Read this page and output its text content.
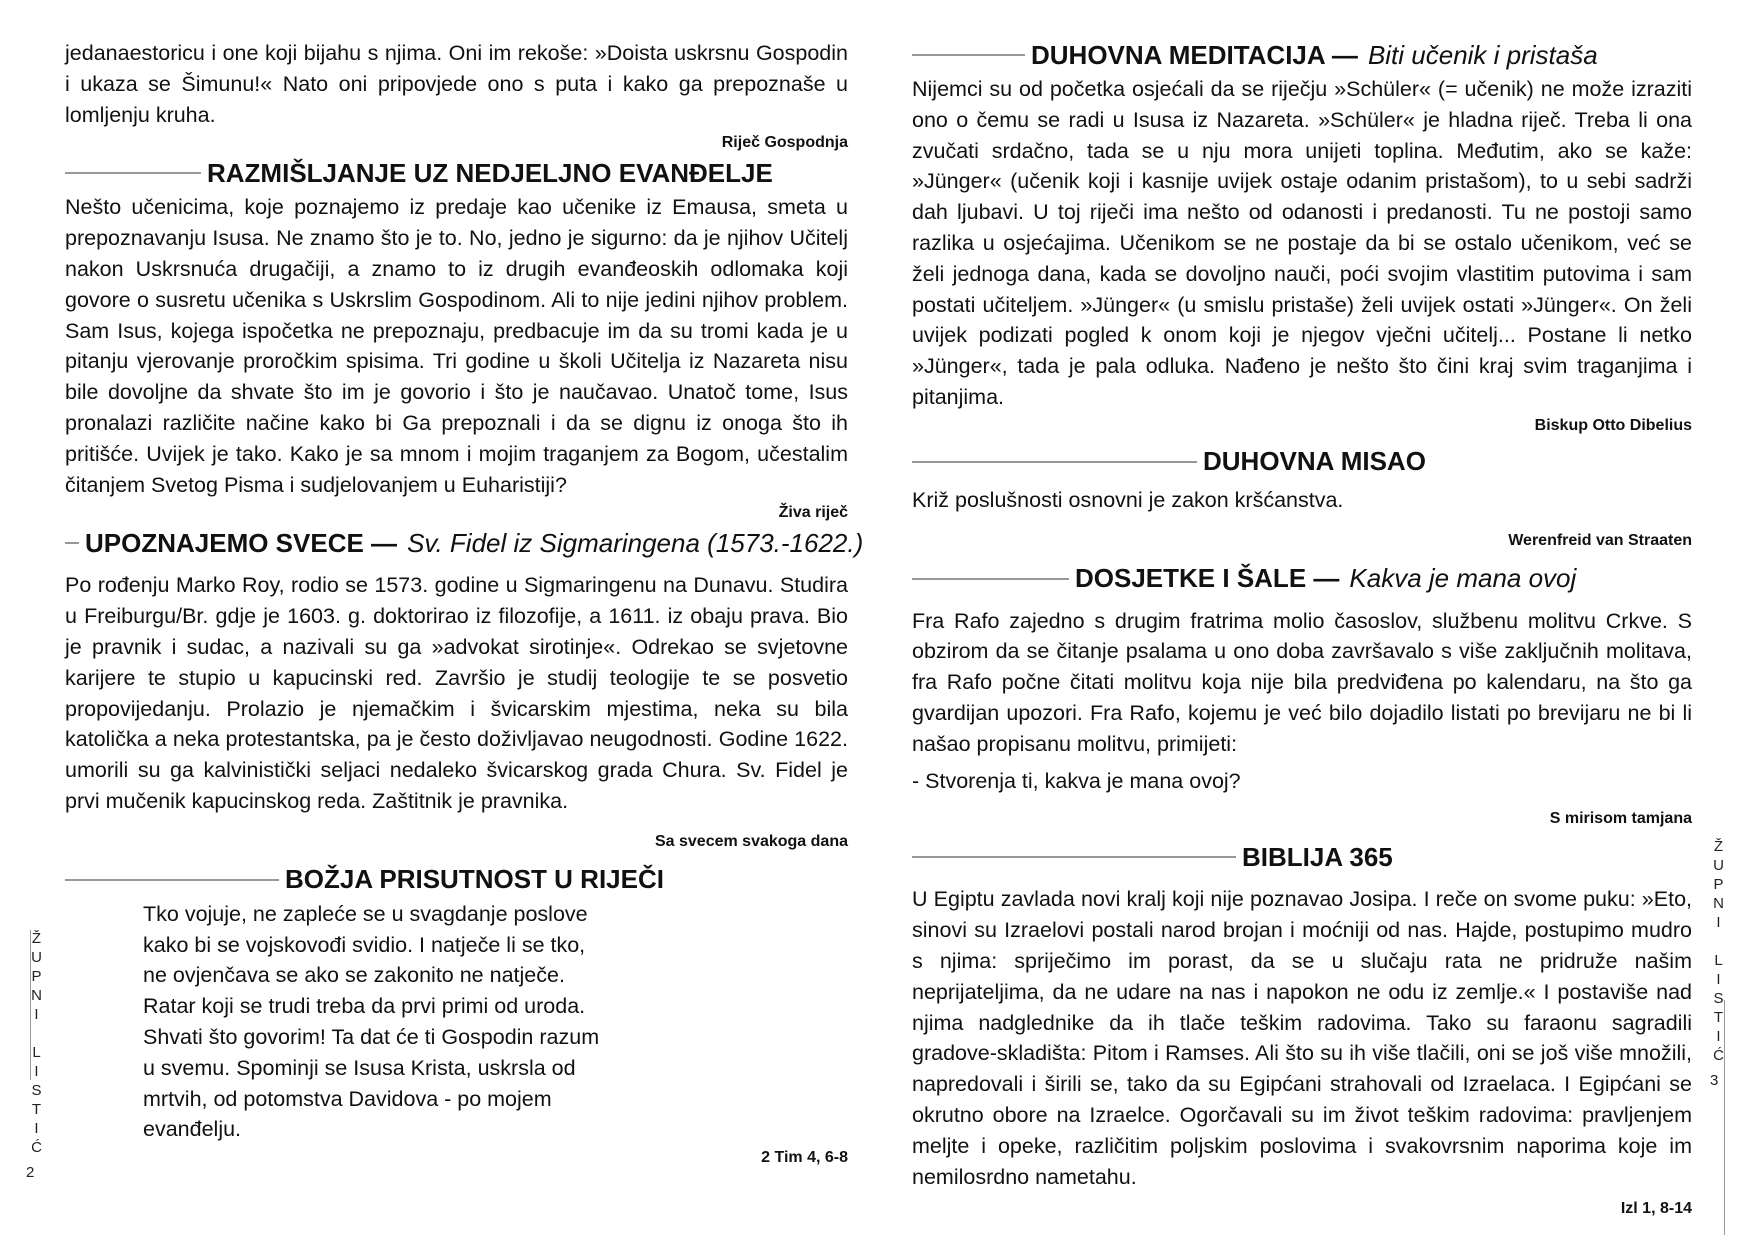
jedanaestoricu i one koji bijahu s njima. Oni im rekoše: »Doista uskrsnu Gospodin i ukaza se Šimunu!« Nato oni pripovjede ono s puta i kako ga prepoznaše u lomljenju kruha.

Riječ Gospodnja
RAZMIŠLJANJE UZ NEDJELJNO EVANĐELJE

Nešto učenicima, koje poznajemo iz predaje kao učenike iz Emausa, smeta u prepoznavanju Isusa. Ne znamo što je to. No, jedno je sigurno: da je njihov Učitelj nakon Uskrsnuća drugačiji, a znamo to iz drugih evanđeoskih odlomaka koji govore o susretu učenika s Uskrslim Gospodinom. Ali to nije jedini njihov problem. Sam Isus, kojega ispočetka ne prepoznaju, predbacuje im da su tromi kada je u pitanju vjerovanje proročkim spisima. Tri godine u školi Učitelja iz Nazareta nisu bile dovoljne da shvate što im je govorio i što je naučavao. Unatoč tome, Isus pronalazi različite načine kako bi Ga prepoznali i da se dignu iz onoga što ih pritišće. Uvijek je tako. Kako je sa mnom i mojim traganjem za Bogom, učestalim čitanjem Svetog Pisma i sudjelovanjem u Euharistiji?

Živa riječ
UPOZNAJEMO SVECE — Sv. Fidel iz Sigmaringena (1573.-1622.)

Po rođenju Marko Roy, rodio se 1573. godine u Sigmaringenu na Dunavu. Studira u Freiburgu/Br. gdje je 1603. g. doktorirao iz filozofije, a 1611. iz obaju prava. Bio je pravnik i sudac, a nazivali su ga »advokat sirotinje«. Odrekao se svjetovne karijere te stupio u kapucinski red. Završio je studij teologije te se posvetio propovijedanju. Prolazio je njemačkim i švicarskim mjestima, neka su bila katolička a neka protestantska, pa je često doživljavao neugodnosti. Godine 1622. umorili su ga kalvinistički seljaci nedaleko švicarskog grada Chura. Sv. Fidel je prvi mučenik kapucinskog reda. Zaštitnik je pravnika.

Sa svecem svakoga dana
BOŽJA PRISUTNOST U RIJEČI

Tko vojuje, ne zapleće se u svagdanje poslove kako bi se vojskovođi svidio. I natječe li se tko, ne ovjenčava se ako se zakonito ne natječe. Ratar koji se trudi treba da prvi primi od uroda. Shvati što govorim! Ta dat će ti Gospodin razum u svemu. Spominji se Isusa Krista, uskrsla od mrtvih, od potomstva Davidova - po mojem evanđelju.

2 Tim 4, 6-8
ŽUPNI LISTIĆ
2
DUHOVNA MEDITACIJA — Biti učenik i pristaša

Nijemci su od početka osjećali da se riječju »Schüler« (= učenik) ne može izraziti ono o čemu se radi u Isusa iz Nazareta. »Schüler« je hladna riječ. Treba li ona zvučati srdačno, tada se u nju mora unijeti toplina. Međutim, ako se kaže: »Jünger« (učenik koji i kasnije uvijek ostaje odanim pristašom), to u sebi sadrži dah ljubavi. U toj riječi ima nešto od odanosti i predanosti. Tu ne postoji samo razlika u osjećajima. Učenikom se ne postaje da bi se ostalo učenikom, već se želi jednoga dana, kada se dovoljno nauči, poći svojim vlastitim putovima i sam postati učiteljem. »Jünger« (u smislu pristaše) želi uvijek ostati »Jünger«. On želi uvijek podizati pogled k onom koji je njegov vječni učitelj... Postane li netko »Jünger«, tada je pala odluka. Nađeno je nešto što čini kraj svim traganjima i pitanjima.

Biskup Otto Dibelius
DUHOVNA MISAO

Križ poslušnosti osnovni je zakon kršćanstva.

Werenfreid van Straaten
DOSJETKE I ŠALE — Kakva je mana ovoj

Fra Rafo zajedno s drugim fratrima molio časoslov, službenu molitvu Crkve. S obzirom da se čitanje psalama u ono doba završavalo s više zaključnih molitava, fra Rafo počne čitati molitvu koja nije bila predviđena po kalendaru, na što ga gvardijan upozori. Fra Rafo, kojemu je već bilo dojadilo listati po brevijaru ne bi li našao propisanu molitvu, primijeti:

- Stvorenja ti, kakva je mana ovoj?

S mirisom tamjana
BIBLIJA 365

U Egiptu zavlada novi kralj koji nije poznavao Josipa. I reče on svome puku: »Eto, sinovi su Izraelovi postali narod brojan i moćniji od nas. Hajde, postupimo mudro s njima: spriječimo im porast, da se u slučaju rata ne pridruže našim neprijateljima, da ne udare na nas i napokon ne odu iz zemlje.« I postaviše nad njima nadglednike da ih tlače teškim radovima. Tako su faraonu sagradili gradove-skladišta: Pitom i Ramses. Ali što su ih više tlačili, oni se još više množili, napredovali i širili se, tako da su Egipćani strahovali od Izraelaca. I Egipćani se okrutno obore na Izraelce. Ogorčavali su im život teškim radovima: pravljenjem meljte i opeke, različitim poljskim poslovima i svakovrsnim naporima koje im nemilosrdno nametahu.

Izl 1, 8-14
ŽUPNI LISTIĆ
3
